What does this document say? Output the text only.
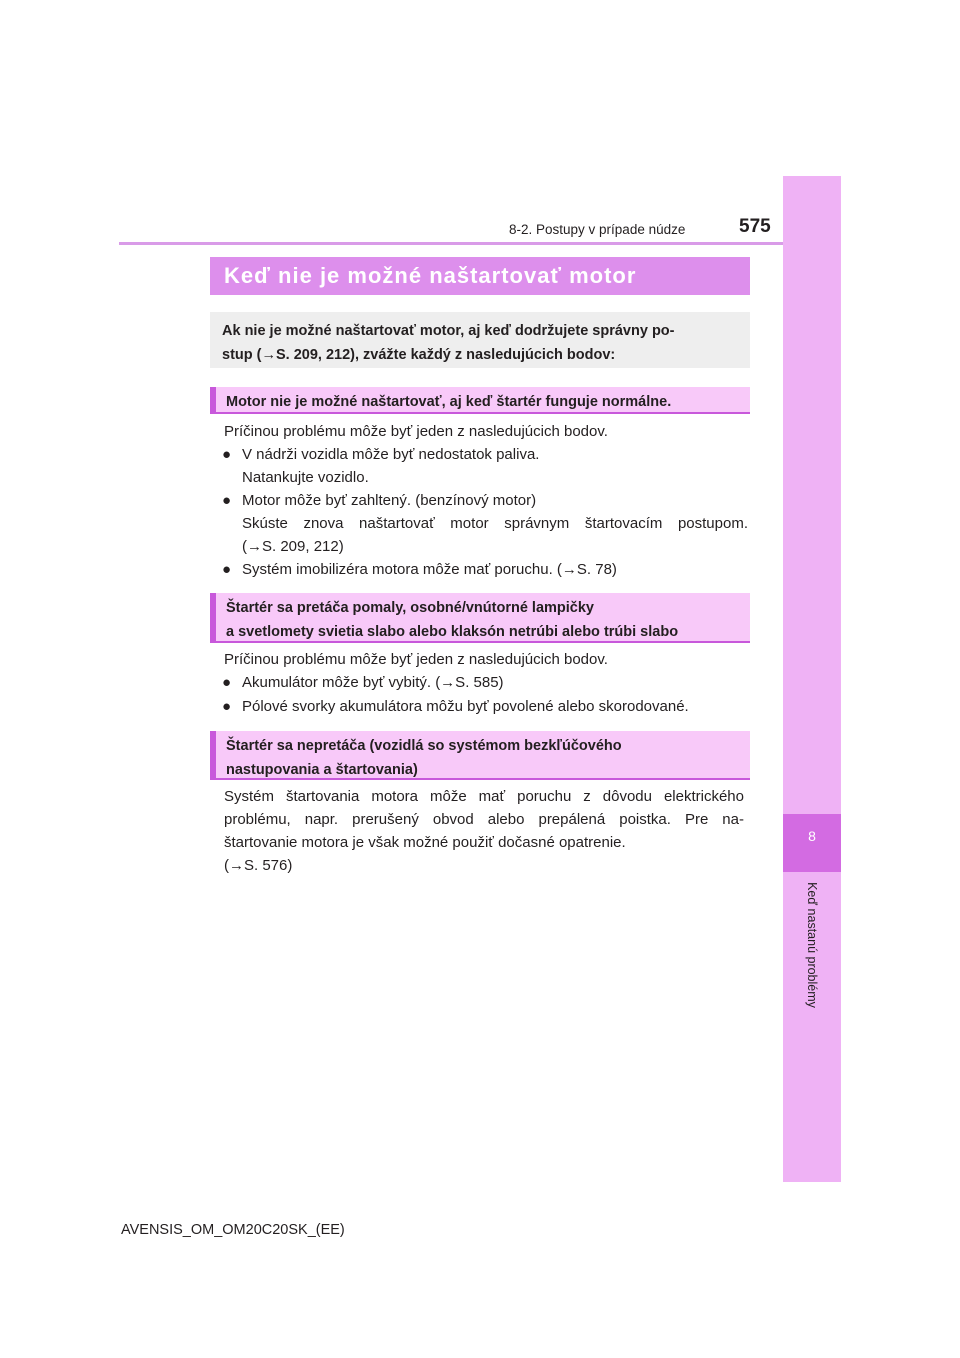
8
Keď nastanú problémy
8-2. Postupy v prípade núdze	575
Keď nie je možné naštartovať motor
Ak nie je možné naštartovať motor, aj keď dodržujete správny po-
stup (→S. 209, 212), zvážte každý z nasledujúcich bodov:
Motor nie je možné naštartovať, aj keď štartér funguje normálne.

Príčinou problému môže byť jeden z nasledujúcich bodov.

● V nádrži vozidla môže byť nedostatok paliva.
Natankujte vozidlo.
● Motor môže byť zahltený. (benzínový motor)
Skúste znova naštartovať motor správnym štartovacím postupom.
(→S. 209, 212)
● Systém imobilizéra motora môže mať poruchu. (→S. 78)
Štartér sa pretáča pomaly, osobné/vnútorné lampičky
a svetlomety svietia slabo alebo klaksón netrúbi alebo trúbi slabo

Príčinou problému môže byť jeden z nasledujúcich bodov.

● Akumulátor môže byť vybitý. (→S. 585)
● Pólové svorky akumulátora môžu byť povolené alebo skorodované.
Štartér sa nepretáča (vozidlá so systémom bezkľúčového
nastupovania a štartovania)
Systém štartovania motora môže mať poruchu z dôvodu elektrického
problému, napr. prerušený obvod alebo prepálená poistka. Pre na-
štartovanie motora je však možné použiť dočasné opatrenie.
(→S. 576)
AVENSIS_OM_OM20C20SK_(EE)
